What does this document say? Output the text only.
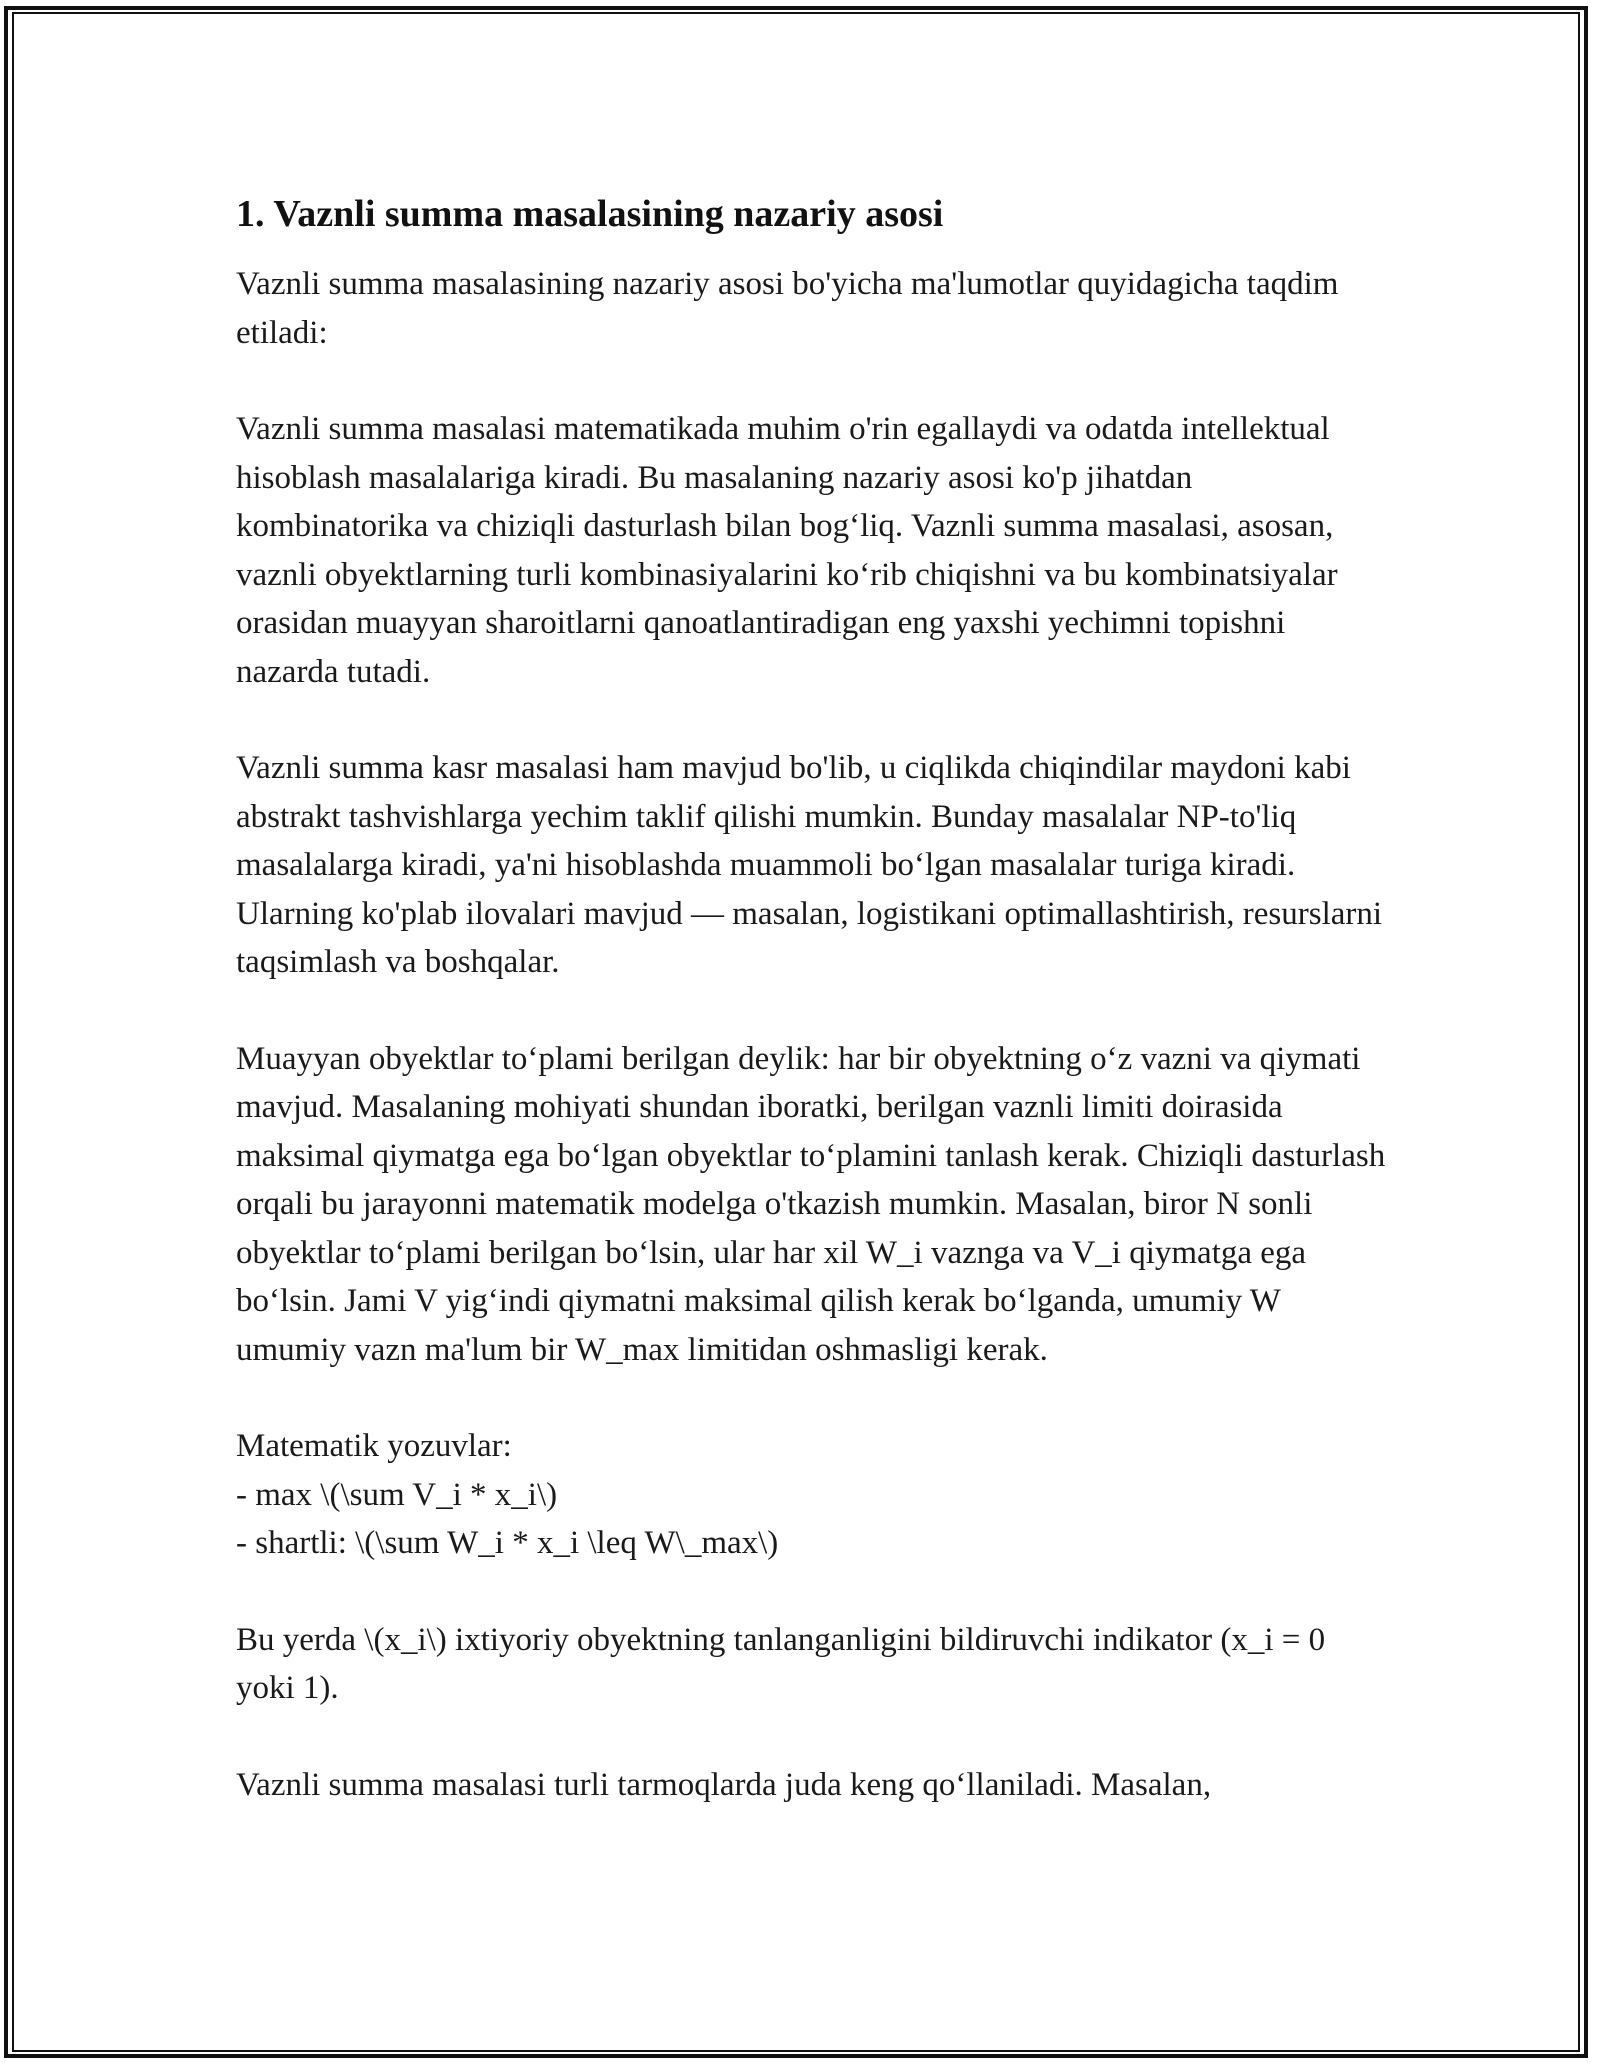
1. Vaznli summa masalasining nazariy asosi

Vaznli summa masalasining nazariy asosi bo'yicha ma'lumotlar quyidagicha taqdim etiladi:

Vaznli summa masalasi matematikada muhim o'rin egallaydi va odatda intellektual hisoblash masalalariga kiradi. Bu masalaning nazariy asosi ko'p jihatdan kombinatorika va chiziqli dasturlash bilan bog‘liq. Vaznli summa masalasi, asosan, vaznli obyektlarning turli kombinasiyalarini ko‘rib chiqishni va bu kombinatsiyalar orasidan muayyan sharoitlarni qanoatlantiradigan eng yaxshi yechimni topishni nazarda tutadi.

Vaznli summa kasr masalasi ham mavjud bo'lib, u ciqlikda chiqindilar maydoni kabi abstrakt tashvishlarga yechim taklif qilishi mumkin. Bunday masalalar NP-to'liq masalalarga kiradi, ya'ni hisoblashda muammoli bo‘lgan masalalar turiga kiradi. Ularning ko'plab ilovalari mavjud — masalan, logistikani optimallashtirish, resurslarni taqsimlash va boshqalar.

Muayyan obyektlar to‘plami berilgan deylik: har bir obyektning o‘z vazni va qiymati mavjud. Masalaning mohiyati shundan iboratki, berilgan vaznli limiti doirasida maksimal qiymatga ega bo‘lgan obyektlar to‘plamini tanlash kerak. Chiziqli dasturlash orqali bu jarayonni matematik modelga o'tkazish mumkin. Masalan, biror N sonli obyektlar to‘plami berilgan bo‘lsin, ular har xil W_i vaznga va V_i qiymatga ega bo‘lsin. Jami V yig‘indi qiymatni maksimal qilish kerak bo‘lganda, umumiy W umumiy vazn ma'lum bir W_max limitidan oshmasligi kerak.

Matematik yozuvlar:
- max \(\sum V_i * x_i\)
- shartli: \(\sum W_i * x_i \leq W\_max\)

Bu yerda \(x_i\) ixtiyoriy obyektning tanlanganligini bildiruvchi indikator (x_i = 0 yoki 1).

Vaznli summa masalasi turli tarmoqlarda juda keng qo‘llaniladi. Masalan,
